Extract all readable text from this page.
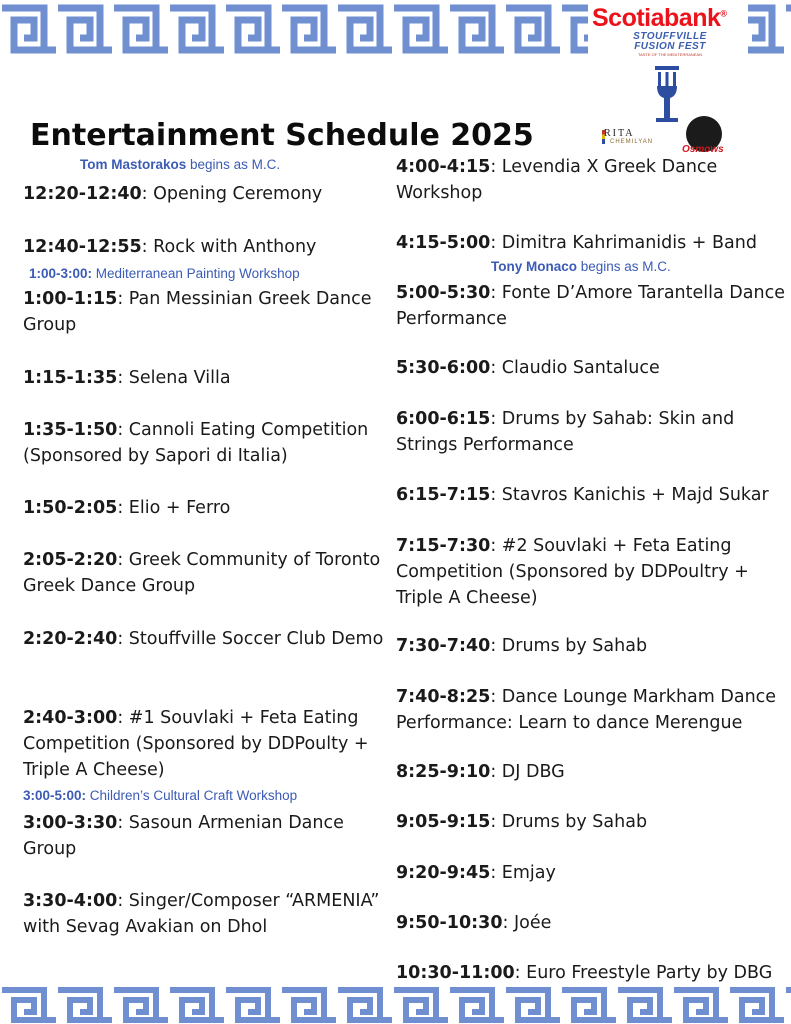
Scotiabank®
STOUFFVILLE
FUSION FEST
TASTE OF THE MEDITERRANEAN
RITA
CHEMILYAN
Osmows
Entertainment Schedule 2025
Tom Mastorakos begins as M.C.
12:20-12:40: Opening Ceremony
12:40-12:55: Rock with Anthony
1:00-3:00: Mediterranean Painting Workshop
1:00-1:15: Pan Messinian Greek Dance Group
1:15-1:35: Selena Villa
1:35-1:50: Cannoli Eating Competition (Sponsored by Sapori di Italia)
1:50-2:05: Elio + Ferro
2:05-2:20: Greek Community of Toronto Greek Dance Group
2:20-2:40: Stouffville Soccer Club Demo
2:40-3:00: #1 Souvlaki + Feta Eating Competition (Sponsored by DDPoulty + Triple A Cheese)
3:00-5:00: Children’s Cultural Craft Workshop
3:00-3:30: Sasoun Armenian Dance Group
3:30-4:00: Singer/Composer “ARMENIA” with Sevag Avakian on Dhol
4:00-4:15: Levendia X Greek Dance Workshop
4:15-5:00: Dimitra Kahrimanidis + Band
Tony Monaco begins as M.C.
5:00-5:30: Fonte D’Amore Tarantella Dance Performance
5:30-6:00: Claudio Santaluce
6:00-6:15: Drums by Sahab: Skin and Strings Performance
6:15-7:15: Stavros Kanichis + Majd Sukar
7:15-7:30: #2 Souvlaki + Feta Eating Competition (Sponsored by DDPoultry + Triple A Cheese)
7:30-7:40: Drums by Sahab
7:40-8:25: Dance Lounge Markham Dance Performance: Learn to dance Merengue
8:25-9:10: DJ DBG
9:05-9:15: Drums by Sahab
9:20-9:45: Emjay
9:50-10:30: Joée
10:30-11:00: Euro Freestyle Party by DBG
